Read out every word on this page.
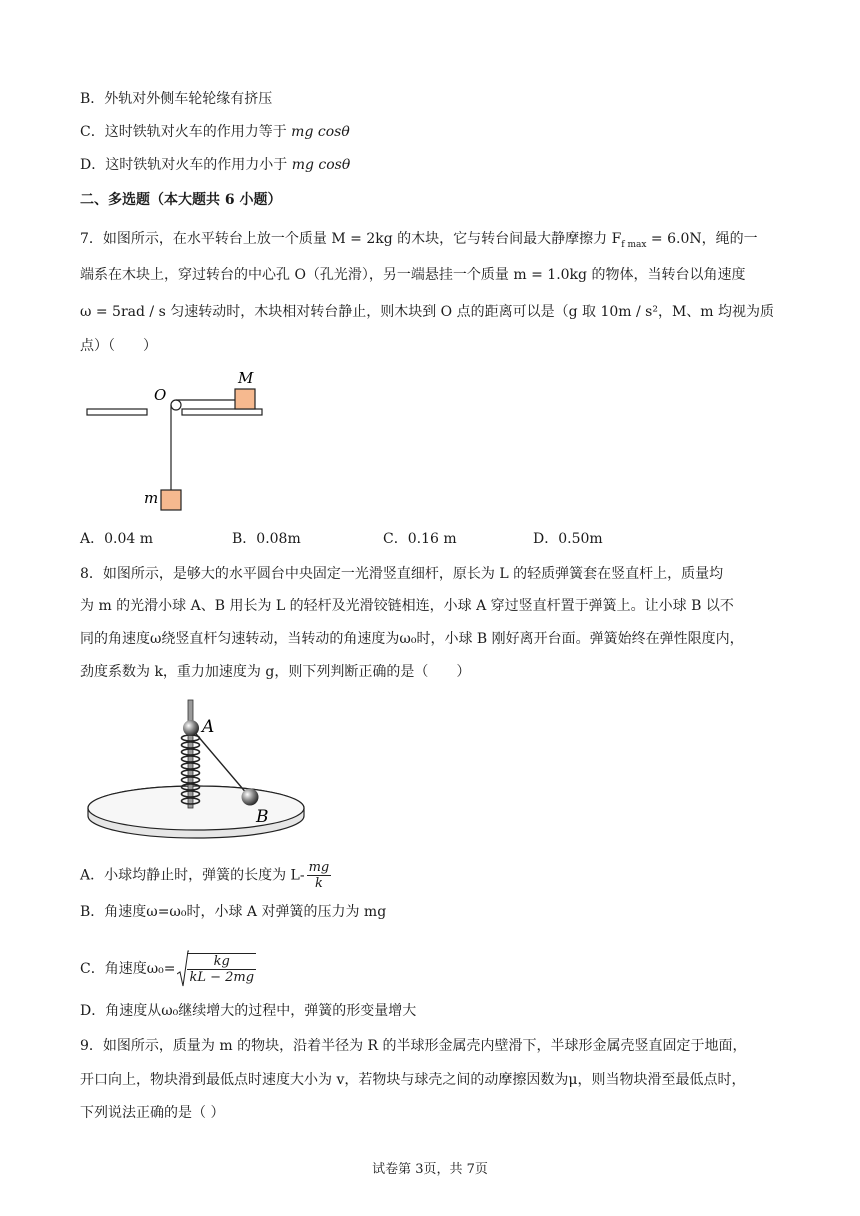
B．外轨对外侧车轮轮缘有挤压
C．这时铁轨对火车的作用力等于 mg cosθ
D．这时铁轨对火车的作用力小于 mg cosθ
二、多选题（本大题共 6 小题）
7．如图所示，在水平转台上放一个质量 M = 2kg 的木块，它与转台间最大静摩擦力 $F_{f max} = 6.0N$，绳的一
端系在木块上，穿过转台的中心孔 O（孔光滑），另一端悬挂一个质量 m = 1.0kg 的物体，当转台以角速度
ω = 5rad / s 匀速转动时，木块相对转台静止，则木块到 O 点的距离可以是（g 取 10m / s²，M、m 均视为质
点）（　　）
O
M
m
A．0.04 m	B．0.08m	C．0.16 m	D．0.50m
8．如图所示，是够大的水平圆台中央固定一光滑竖直细杆，原长为 L 的轻质弹簧套在竖直杆上，质量均
为 m 的光滑小球 A、B 用长为 L 的轻杆及光滑铰链相连，小球 A 穿过竖直杆置于弹簧上。让小球 B 以不
同的角速度ω绕竖直杆匀速转动，当转动的角速度为ω₀时，小球 B 刚好离开台面。弹簧始终在弹性限度内，
劲度系数为 k，重力加速度为 g，则下列判断正确的是（　　）
A
B
A．小球均静止时，弹簧的长度为 $L- \frac{mg}{k}$
B．角速度ω=ω₀时，小球 A 对弹簧的压力为 mg
C．角速度$\omega_0= \frac{kg}{kL - 2mg}$
D．角速度从ω₀继续增大的过程中，弹簧的形变量增大
9．如图所示，质量为 m 的物块，沿着半径为 R 的半球形金属壳内壁滑下，半球形金属壳竖直固定于地面，
开口向上，物块滑到最低点时速度大小为 v，若物块与球壳之间的动摩擦因数为μ，则当物块滑至最低点时，
下列说法正确的是（ ）
试卷第 3页，共 7页
